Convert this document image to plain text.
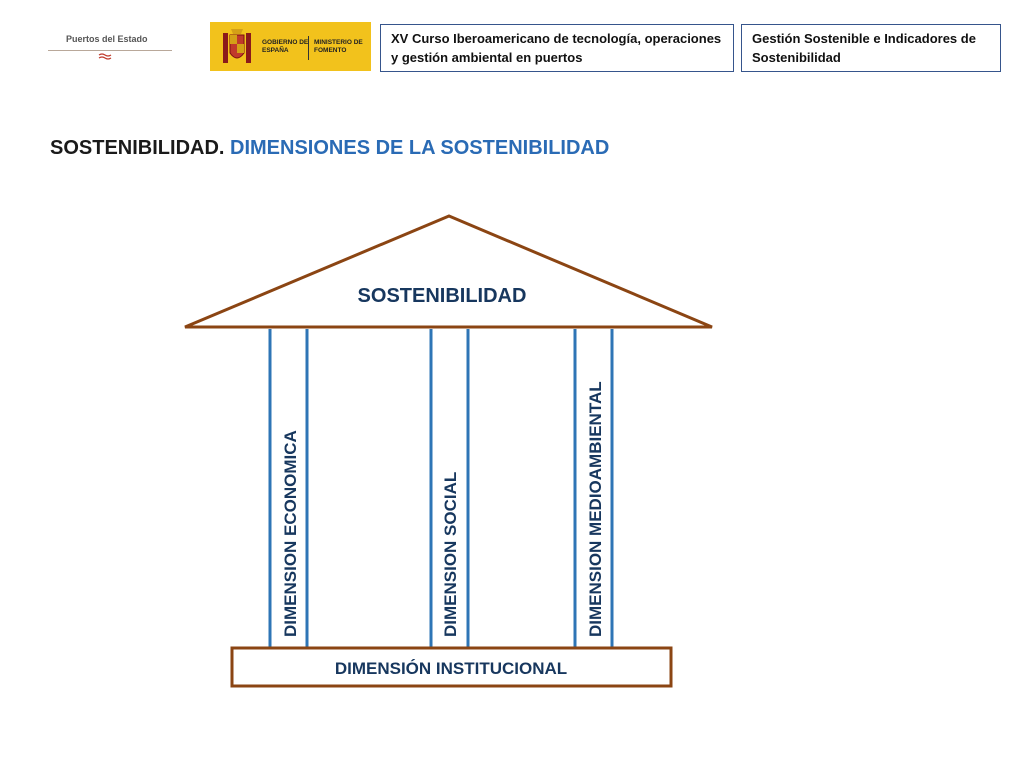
Puertos del Estado	GOBIERNO DE ESPAÑA
MINISTERIO DE FOMENTO
XV Curso Iberoamericano de tecnología, operaciones y gestión ambiental en puertos
Gestión Sostenible e Indicadores de Sostenibilidad
SOSTENIBILIDAD. DIMENSIONES DE LA SOSTENIBILIDAD
SOSTENIBILIDAD
DIMENSION ECONOMICA	DIMENSION SOCIAL	DIMENSION MEDIOAMBIENTAL
DIMENSIÓN INSTITUCIONAL
